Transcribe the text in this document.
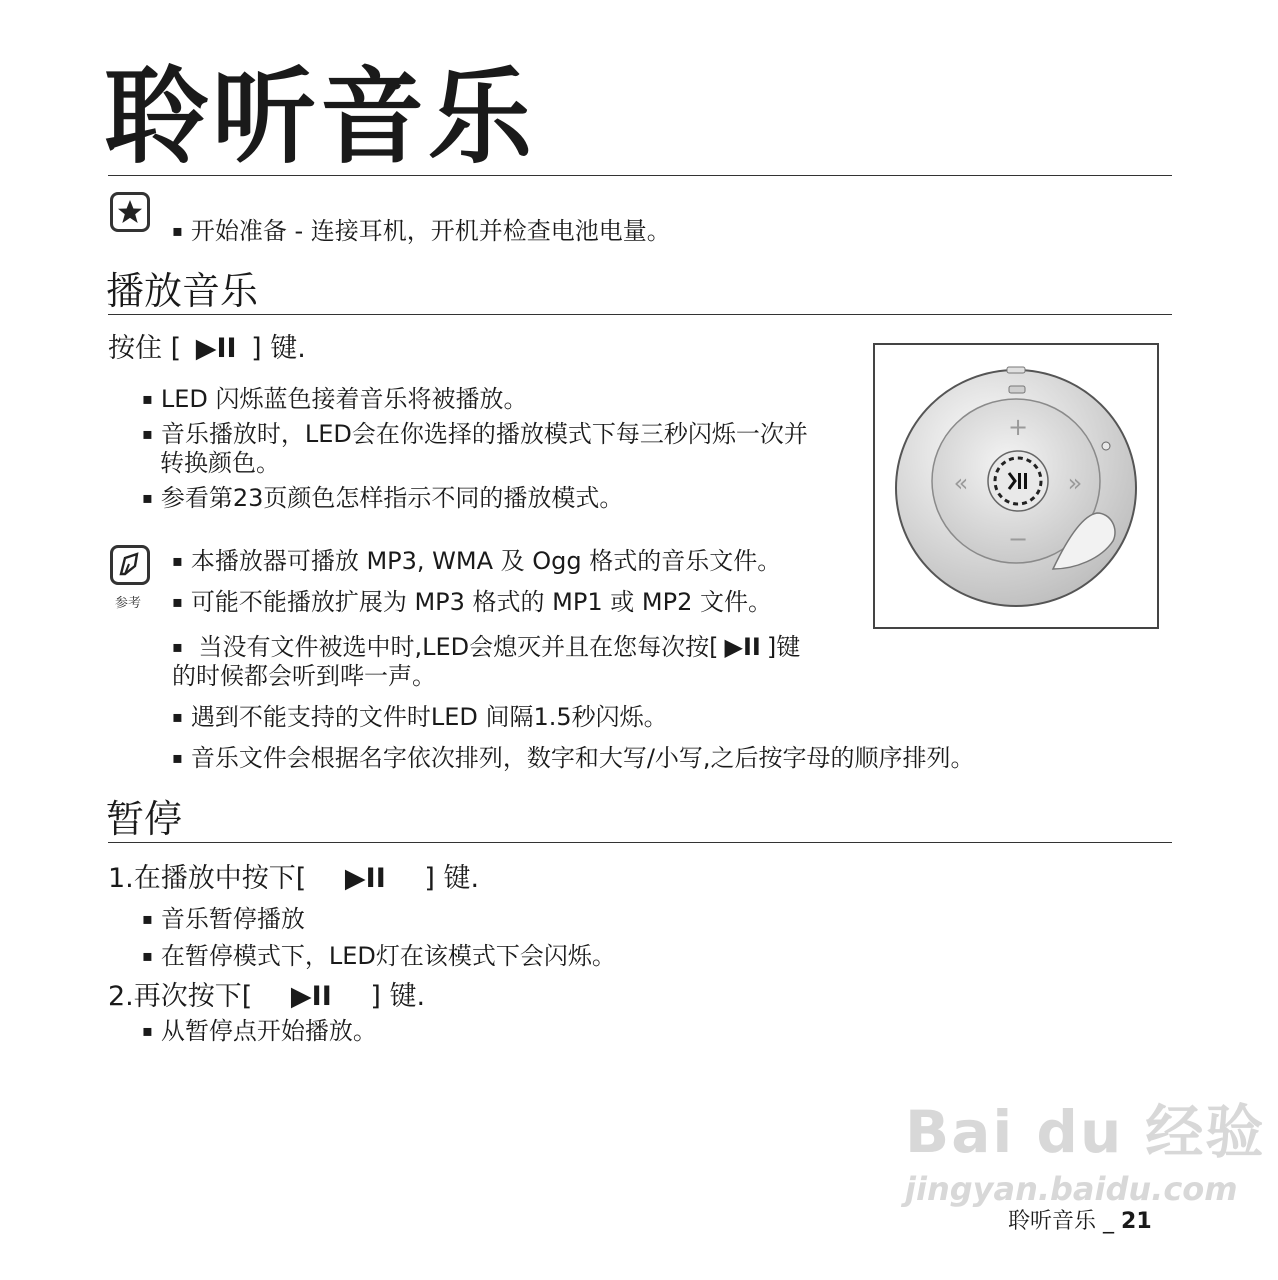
聆听音乐
▪ 开始准备 - 连接耳机，开机并检查电池电量。
播放音乐
按住 [ ▶II ] 键.
▪ LED 闪烁蓝色接着音乐将被播放。
▪ 音乐播放时，LED会在你选择的播放模式下每三秒闪烁一次并
转换颜色。
▪ 参看第23页颜色怎样指示不同的播放模式。
+
−
«	»
参考
▪ 本播放器可播放 MP3, WMA 及 Ogg 格式的音乐文件。
▪ 可能不能播放扩展为 MP3 格式的 MP1 或 MP2 文件。
▪ 当没有文件被选中时,LED会熄灭并且在您每次按[ ▶II ]键
的时候都会听到哔一声。
▪ 遇到不能支持的文件时LED 间隔1.5秒闪烁。
▪ 音乐文件会根据名字依次排列，数字和大写/小写,之后按字母的顺序排列。
暂停
1.在播放中按下[ ▶II ] 键.
▪ 音乐暂停播放
▪ 在暂停模式下，LED灯在该模式下会闪烁。
2.再次按下[ ▶II ] 键.
▪ 从暂停点开始播放。
Bai du 经验
jingyan.baidu.com
聆听音乐 _ 21
